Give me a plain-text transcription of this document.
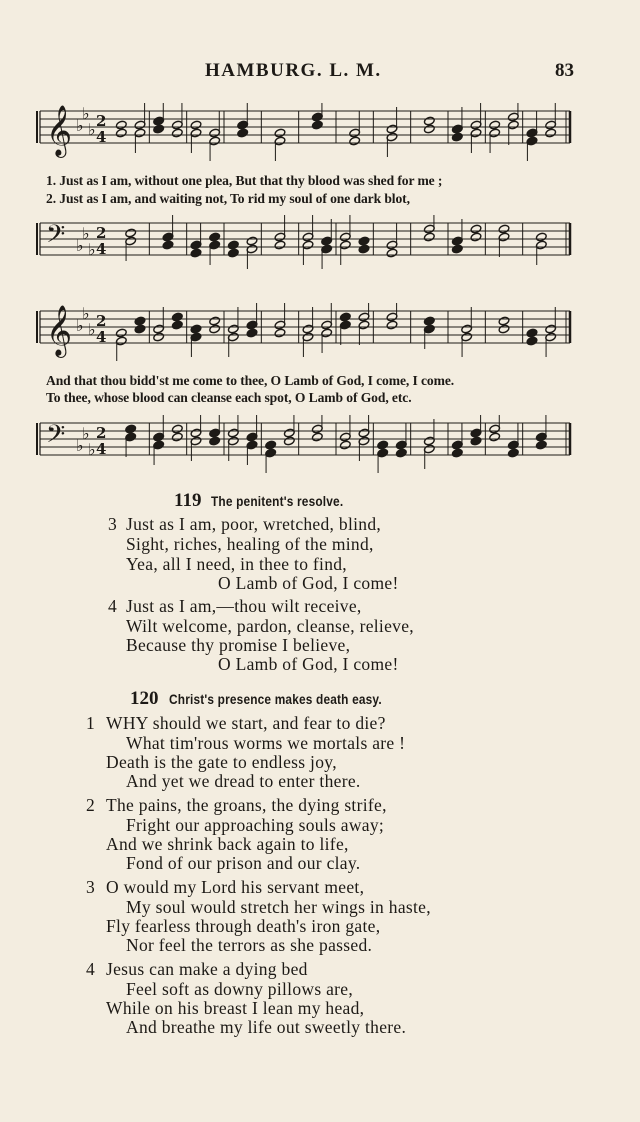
HAMBURG. L. M.	83
𝄞 ♭
♭
♭ 2
4
1. Just as I am, without one plea, But that thy blood was shed for me ;
2. Just as I am, and waiting not, To rid my soul of one dark blot,
𝄢 ♭
♭
♭
2
4
𝄞 ♭
♭
♭ 2
4
And that thou bidd'st me come to thee, O Lamb of God, I come, I come.
To thee, whose blood can cleanse each spot, O Lamb of God, etc.
𝄢 ♭
♭
♭
2
4
119 The penitent's resolve.
3 Just as I am, poor, wretched, blind,
Sight, riches, healing of the mind,
Yea, all I need, in thee to find,
O Lamb of God, I come!
4 Just as I am,—thou wilt receive,
Wilt welcome, pardon, cleanse, relieve,
Because thy promise I believe,
O Lamb of God, I come!
120 Christ's presence makes death easy.
1 WHY should we start, and fear to die?
What tim'rous worms we mortals are !
Death is the gate to endless joy,
And yet we dread to enter there.
2 The pains, the groans, the dying strife,
Fright our approaching souls away;
And we shrink back again to life,
Fond of our prison and our clay.
3 O would my Lord his servant meet,
My soul would stretch her wings in haste,
Fly fearless through death's iron gate,
Nor feel the terrors as she passed.
4 Jesus can make a dying bed
Feel soft as downy pillows are,
While on his breast I lean my head,
And breathe my life out sweetly there.
